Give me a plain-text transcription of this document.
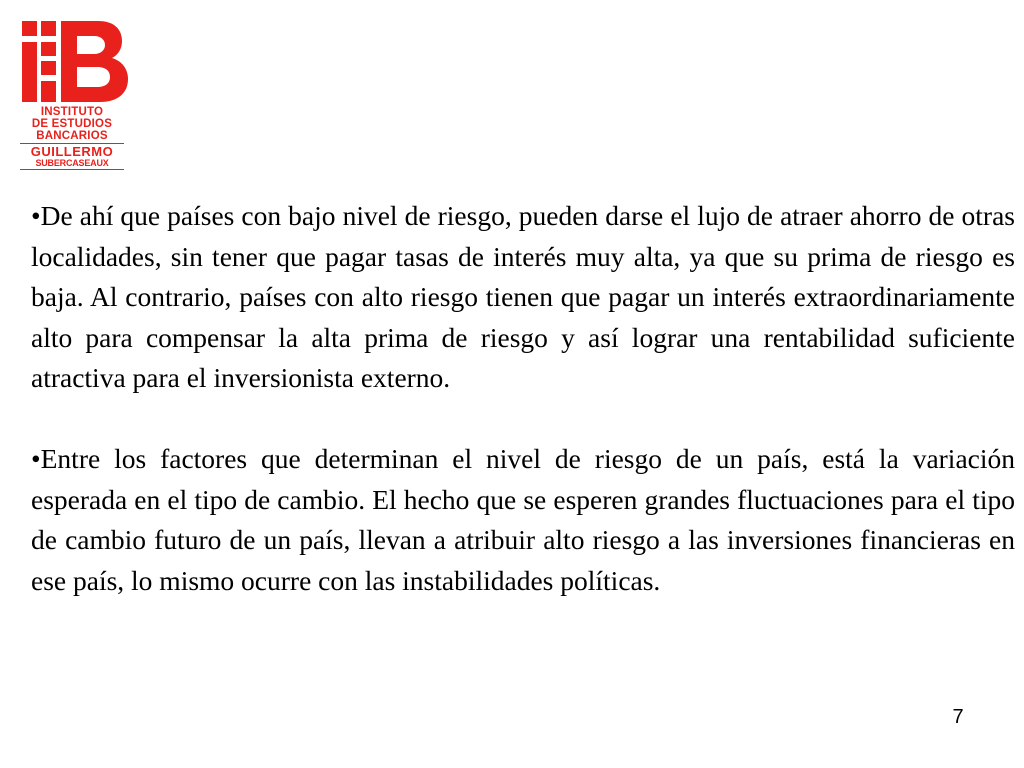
INSTITUTO
DE ESTUDIOS
BANCARIOS
GUILLERMO
SUBERCASEAUX

•De ahí que países con bajo nivel de riesgo, pueden darse el lujo de atraer ahorro de otras localidades, sin tener que pagar tasas de interés muy alta, ya que su prima de riesgo es baja. Al contrario, países con alto riesgo tienen que pagar un interés extraordinariamente alto para compensar la alta prima de riesgo y así lograr una rentabilidad suficiente atractiva para el inversionista externo.

•Entre los factores que determinan el nivel de riesgo de un país, está la variación esperada en el tipo de cambio. El hecho que se esperen grandes fluctuaciones para el tipo de cambio futuro de un país, llevan a atribuir alto riesgo a las inversiones financieras en ese país, lo mismo ocurre con las instabilidades políticas.

7
